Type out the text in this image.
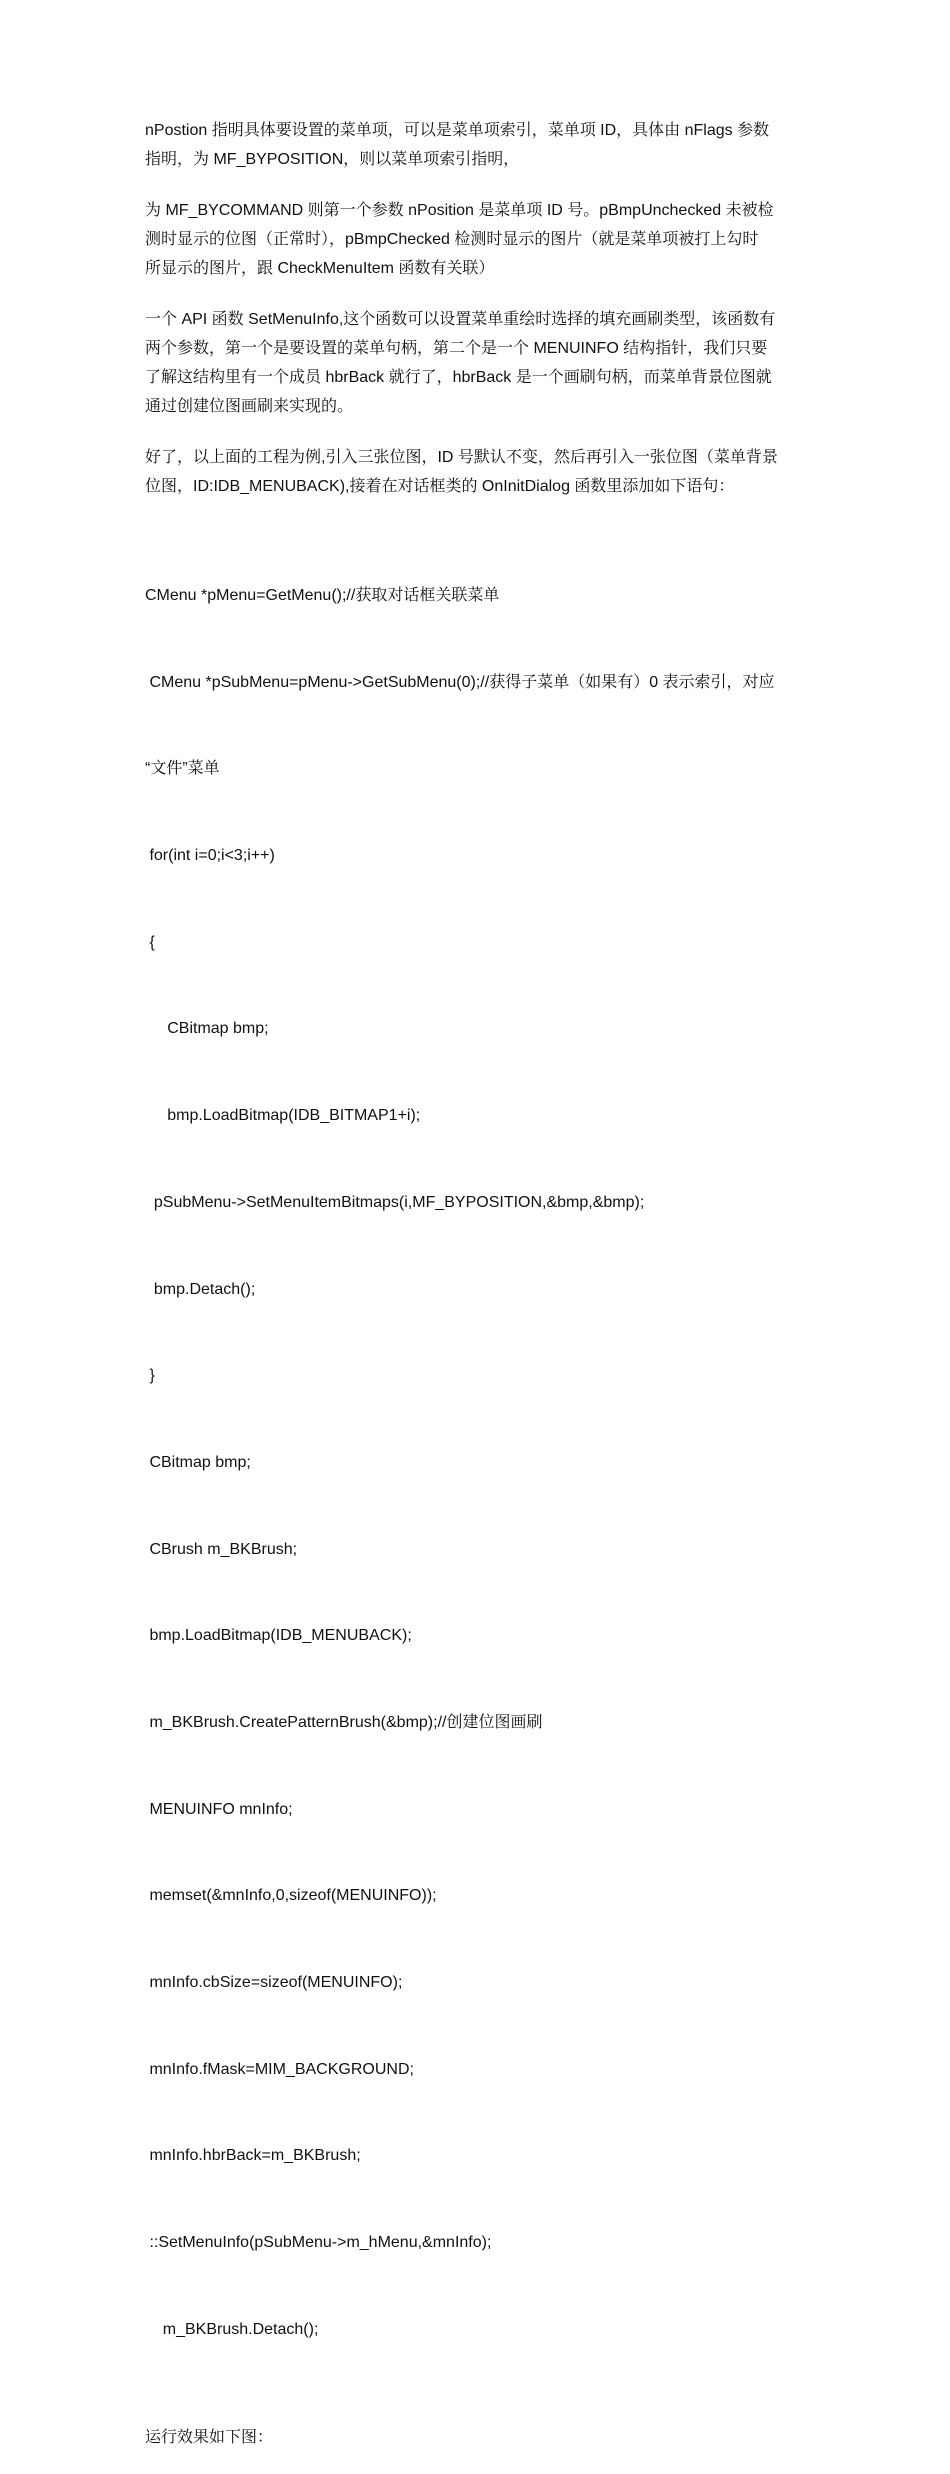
nPostion 指明具体要设置的菜单项，可以是菜单项索引，菜单项 ID，具体由 nFlags 参数
指明，为 MF_BYPOSITION，则以菜单项索引指明，
为 MF_BYCOMMAND 则第一个参数 nPosition 是菜单项 ID 号。pBmpUnchecked 未被检
测时显示的位图（正常时），pBmpChecked 检测时显示的图片（就是菜单项被打上勾时
所显示的图片，跟 CheckMenuItem 函数有关联）
一个 API 函数 SetMenuInfo,这个函数可以设置菜单重绘时选择的填充画刷类型，该函数有
两个参数，第一个是要设置的菜单句柄，第二个是一个 MENUINFO 结构指针，我们只要
了解这结构里有一个成员 hbrBack 就行了，hbrBack 是一个画刷句柄，而菜单背景位图就
通过创建位图画刷来实现的。
好了，以上面的工程为例,引入三张位图，ID 号默认不变，然后再引入一张位图（菜单背景
位图，ID:IDB_MENUBACK),接着在对话框类的 OnInitDialog 函数里添加如下语句：

CMenu *pMenu=GetMenu();//获取对话框关联菜单

CMenu *pSubMenu=pMenu->GetSubMenu(0);//获得子菜单（如果有）0 表示索引，对应

“文件”菜单

for(int i=0;i<3;i++)

{

CBitmap bmp;

bmp.LoadBitmap(IDB_BITMAP1+i);

pSubMenu->SetMenuItemBitmaps(i,MF_BYPOSITION,&bmp,&bmp);

bmp.Detach();

}

CBitmap bmp;

CBrush m_BKBrush;

bmp.LoadBitmap(IDB_MENUBACK);

m_BKBrush.CreatePatternBrush(&bmp);//创建位图画刷

MENUINFO mnInfo;

memset(&mnInfo,0,sizeof(MENUINFO));

mnInfo.cbSize=sizeof(MENUINFO);

mnInfo.fMask=MIM_BACKGROUND;

mnInfo.hbrBack=m_BKBrush;

::SetMenuInfo(pSubMenu->m_hMenu,&mnInfo);

m_BKBrush.Detach();

运行效果如下图：
